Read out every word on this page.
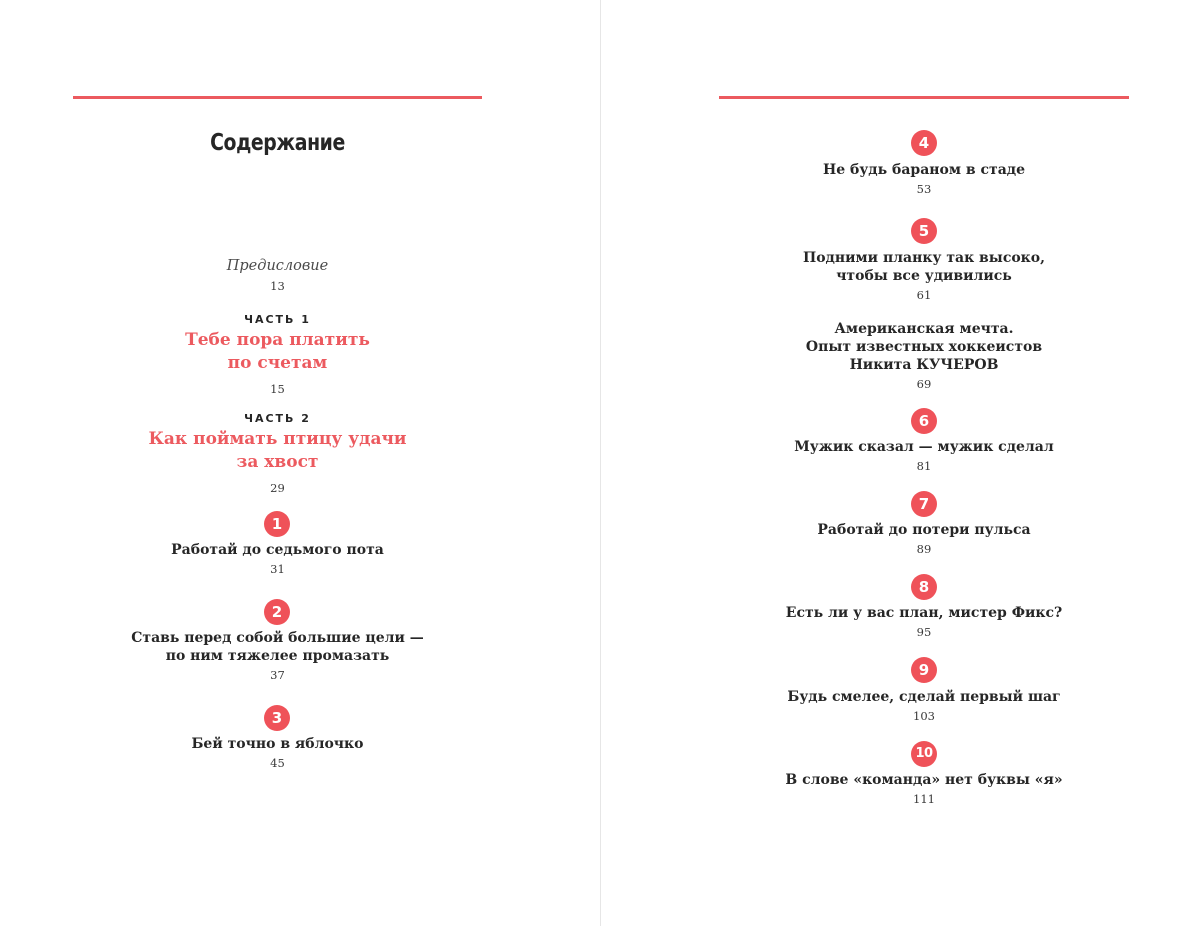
Содержание
Предисловие
13
ЧАСТЬ 1
Тебе пора платить
по счетам
15
ЧАСТЬ 2
Как поймать птицу удачи
за хвост
29
1
Работай до седьмого пота
31
2
Ставь перед собой большие цели —
по ним тяжелее промазать
37
3
Бей точно в яблочко
45
4
Не будь бараном в стаде
53
5
Подними планку так высоко,
чтобы все удивились
61
Американская мечта.
Опыт известных хоккеистов
Никита КУЧЕРОВ
69
6
Мужик сказал — мужик сделал
81
7
Работай до потери пульса
89
8
Есть ли у вас план, мистер Фикс?
95
9
Будь смелее, сделай первый шаг
103
10
В слове «команда» нет буквы «я»
111
